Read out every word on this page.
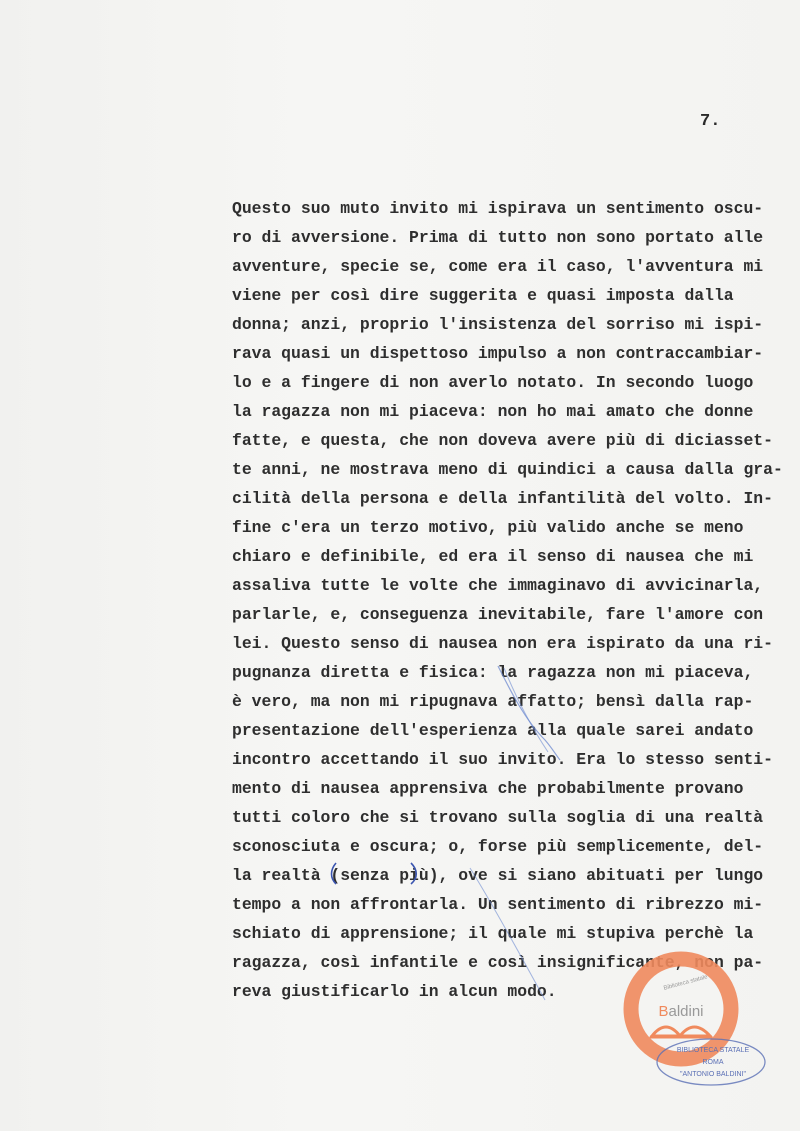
7.
Questo suo muto invito mi ispirava un sentimento oscu-
ro di avversione. Prima di tutto non sono portato alle
avventure, specie se, come era il caso, l'avventura mi
viene per così dire suggerita e quasi imposta dalla
donna; anzi, proprio l'insistenza del sorriso mi ispi-
rava quasi un dispettoso impulso a non contraccambiar-
lo e a fingere di non averlo notato. In secondo luogo
la ragazza non mi piaceva: non ho mai amato che donne
fatte, e questa, che non doveva avere più di diciasset-
te anni, ne mostrava meno di quindici a causa dalla gra-
cilità della persona e della infantilità del volto. In-
fine c'era un terzo motivo, più valido anche se meno
chiaro e definibile, ed era il senso di nausea che mi
assaliva tutte le volte che immaginavo di avvicinarla,
parlarle, e, conseguenza inevitabile, fare l'amore con
lei. Questo senso di nausea non era ispirato da una ri-
pugnanza diretta e fisica: la ragazza non mi piaceva,
è vero, ma non mi ripugnava affatto; bensì dalla rap-
presentazione dell'esperienza alla quale sarei andato
incontro accettando il suo invito. Era lo stesso senti-
mento di nausea apprensiva che probabilmente provano
tutti coloro che si trovano sulla soglia di una realtà
sconosciuta e oscura; o, forse più semplicemente, del-
la realtà (senza più), ove si siano abituati per lungo
tempo a non affrontarla. Un sentimento di ribrezzo mi-
schiato di apprensione; il quale mi stupiva perchè la
ragazza, così infantile e così insignificante, non pa-
reva giustificarlo in alcun modo.	Biblioteca statale
Baldini
BIBLIOTECA STATALE
ROMA
"ANTONIO BALDINI"
